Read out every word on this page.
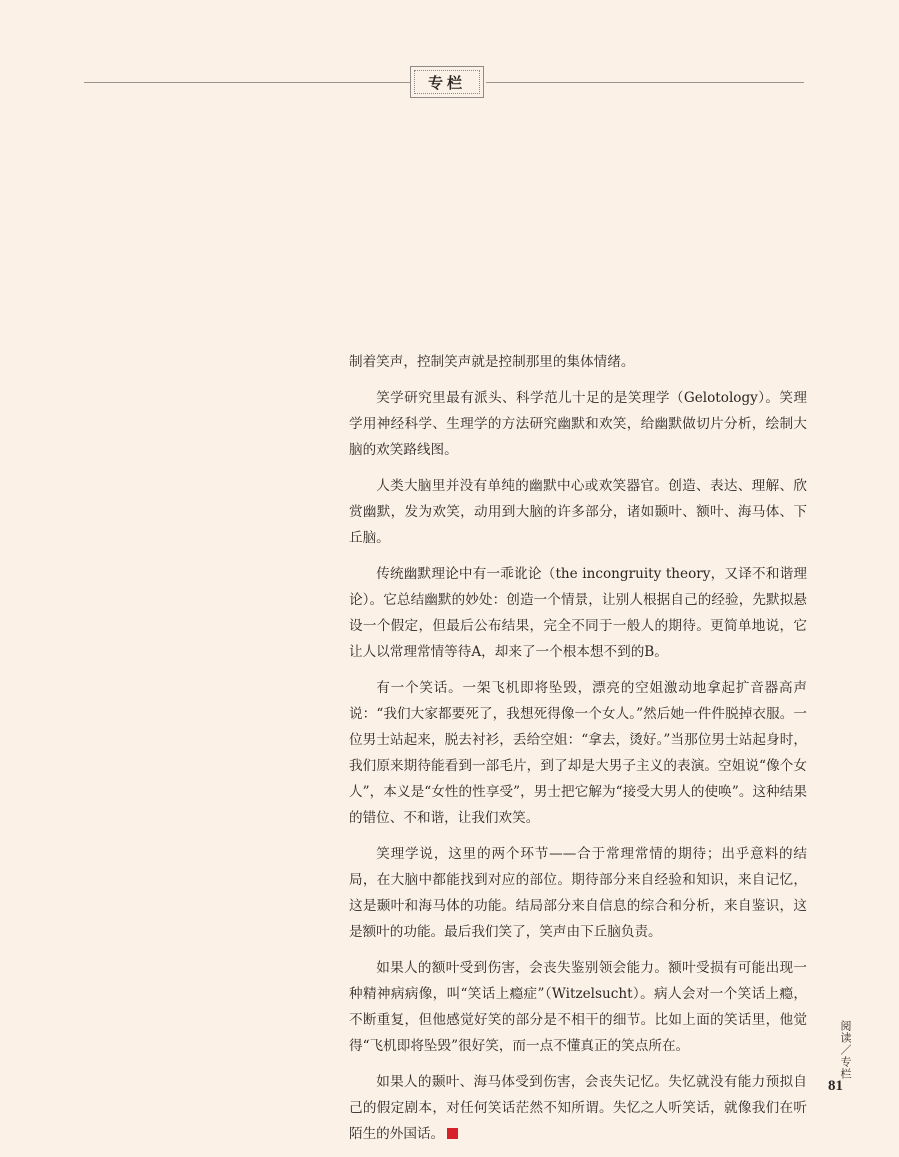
专栏

制着笑声，控制笑声就是控制那里的集体情绪。

笑学研究里最有派头、科学范儿十足的是笑理学（Gelotology）。笑理学用神经科学、生理学的方法研究幽默和欢笑，给幽默做切片分析，绘制大脑的欢笑路线图。

人类大脑里并没有单纯的幽默中心或欢笑器官。创造、表达、理解、欣赏幽默，发为欢笑，动用到大脑的许多部分，诸如颞叶、额叶、海马体、下丘脑。

传统幽默理论中有一乖讹论（the incongruity theory，又译不和谐理论）。它总结幽默的妙处：创造一个情景，让别人根据自己的经验，先默拟悬设一个假定，但最后公布结果，完全不同于一般人的期待。更简单地说，它让人以常理常情等待A，却来了一个根本想不到的B。

有一个笑话。一架飞机即将坠毁，漂亮的空姐激动地拿起扩音器高声说：“我们大家都要死了，我想死得像一个女人。”然后她一件件脱掉衣服。一位男士站起来，脱去衬衫，丢给空姐：“拿去，烫好。”当那位男士站起身时，我们原来期待能看到一部毛片，到了却是大男子主义的表演。空姐说“像个女人”，本义是“女性的性享受”，男士把它解为“接受大男人的使唤”。这种结果的错位、不和谐，让我们欢笑。

笑理学说，这里的两个环节——合于常理常情的期待；出乎意料的结局，在大脑中都能找到对应的部位。期待部分来自经验和知识，来自记忆，这是颞叶和海马体的功能。结局部分来自信息的综合和分析，来自鉴识，这是额叶的功能。最后我们笑了，笑声由下丘脑负责。

如果人的额叶受到伤害，会丧失鉴别领会能力。额叶受损有可能出现一种精神病病像，叫“笑话上瘾症”（Witzelsucht）。病人会对一个笑话上瘾，不断重复，但他感觉好笑的部分是不相干的细节。比如上面的笑话里，他觉得“飞机即将坠毁”很好笑，而一点不懂真正的笑点所在。

如果人的颞叶、海马体受到伤害，会丧失记忆。失忆就没有能力预拟自己的假定剧本，对任何笑话茫然不知所谓。失忆之人听笑话，就像我们在听陌生的外国话。

阅读／专栏
81
